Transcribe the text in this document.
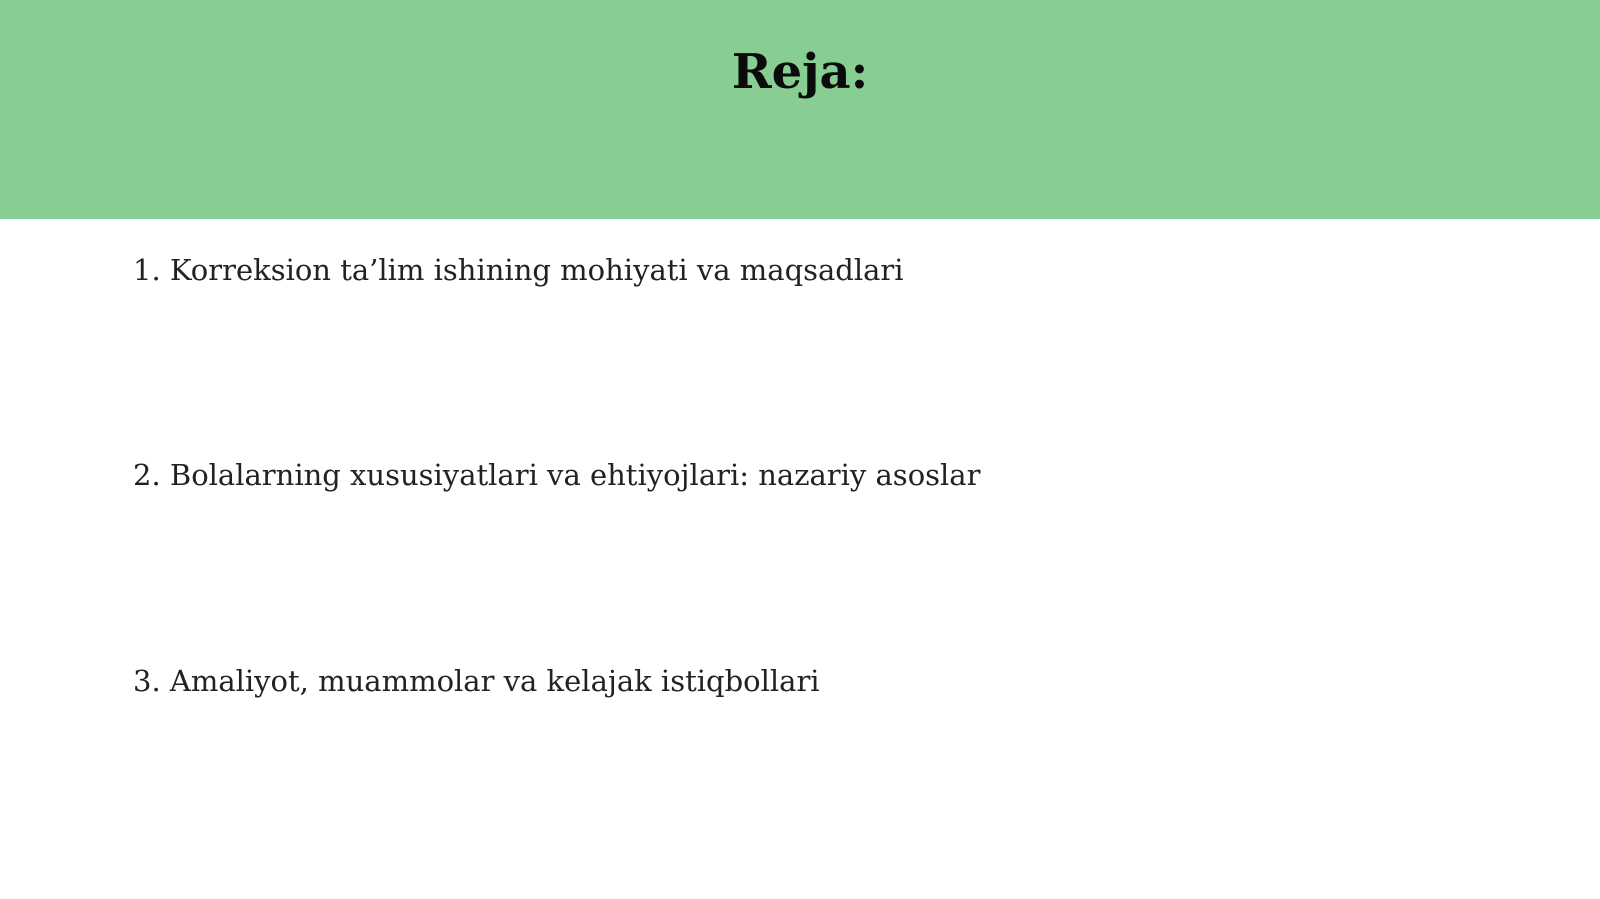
Reja:
1. Korreksion ta’lim ishining mohiyati va maqsadlari
2. Bolalarning xususiyatlari va ehtiyojlari: nazariy asoslar
3. Amaliyot, muammolar va kelajak istiqbollari
